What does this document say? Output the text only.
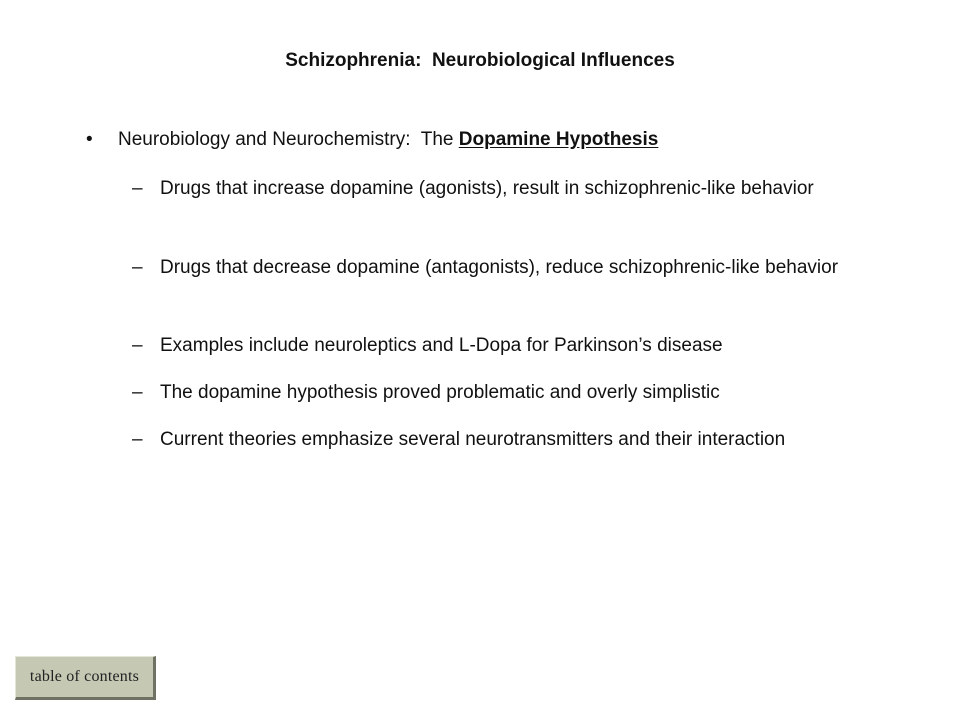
Schizophrenia:  Neurobiological Influences
• Neurobiology and Neurochemistry:  The Dopamine Hypothesis
– Drugs that increase dopamine (agonists), result in schizophrenic-like behavior
– Drugs that decrease dopamine (antagonists), reduce schizophrenic-like behavior
– Examples include neuroleptics and L-Dopa for Parkinson’s disease
– The dopamine hypothesis proved problematic and overly simplistic
– Current theories emphasize several neurotransmitters and their interaction
table of contents
